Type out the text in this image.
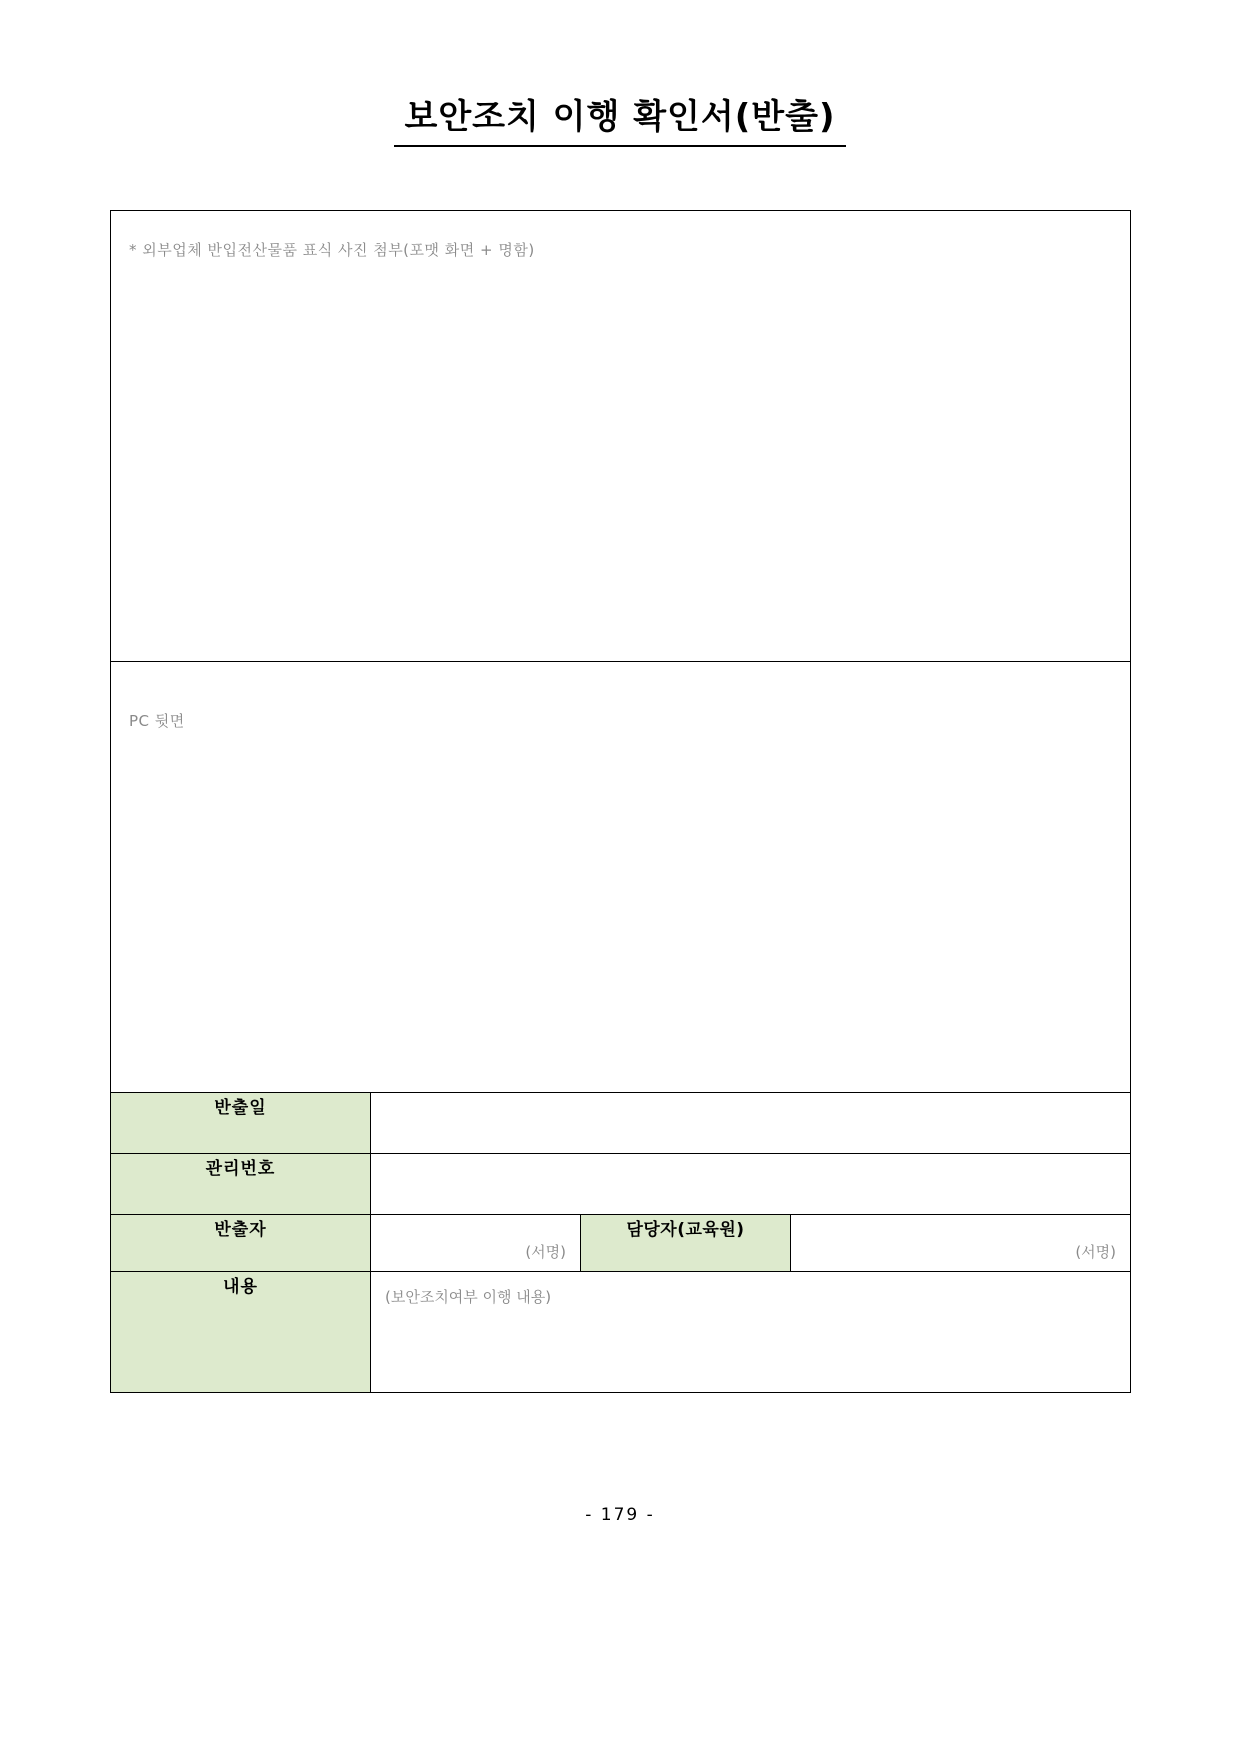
보안조치 이행 확인서(반출)
* 외부업체 반입전산물품 표식 사진 첨부(포맷 화면 + 명함)			

PC 뒷면			

반출일			
관리번호			
반출자	(서명)	담당자(교육원)	(서명)

내용	(보안조치여부 이행 내용)		
- 179 -
